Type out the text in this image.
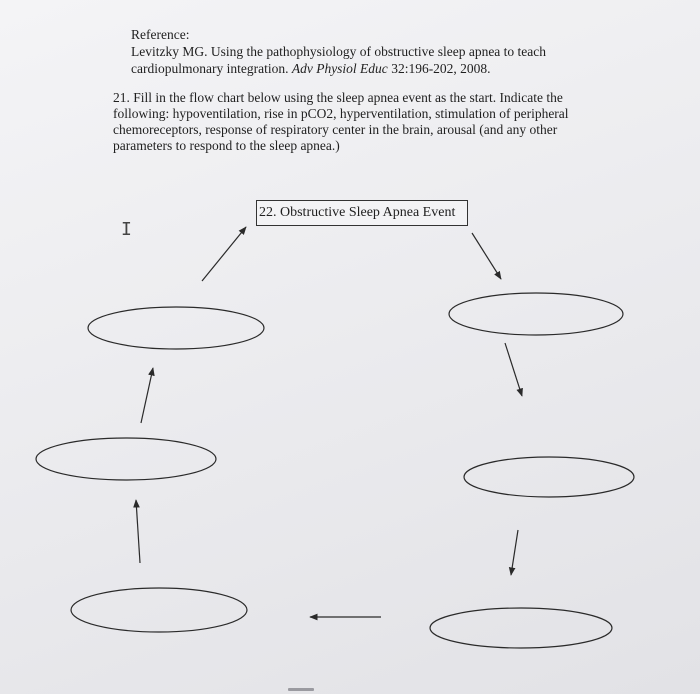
Reference:
Levitzky MG. Using the pathophysiology of obstructive sleep apnea to teach
cardiopulmonary integration. Adv Physiol Educ 32:196-202, 2008.
21. Fill in the flow chart below using the sleep apnea event as the start. Indicate the
following: hypoventilation, rise in pCO2, hyperventilation, stimulation of peripheral
chemoreceptors, response of respiratory center in the brain, arousal (and any other
parameters to respond to the sleep apnea.)
22. Obstructive Sleep Apnea Event
I
